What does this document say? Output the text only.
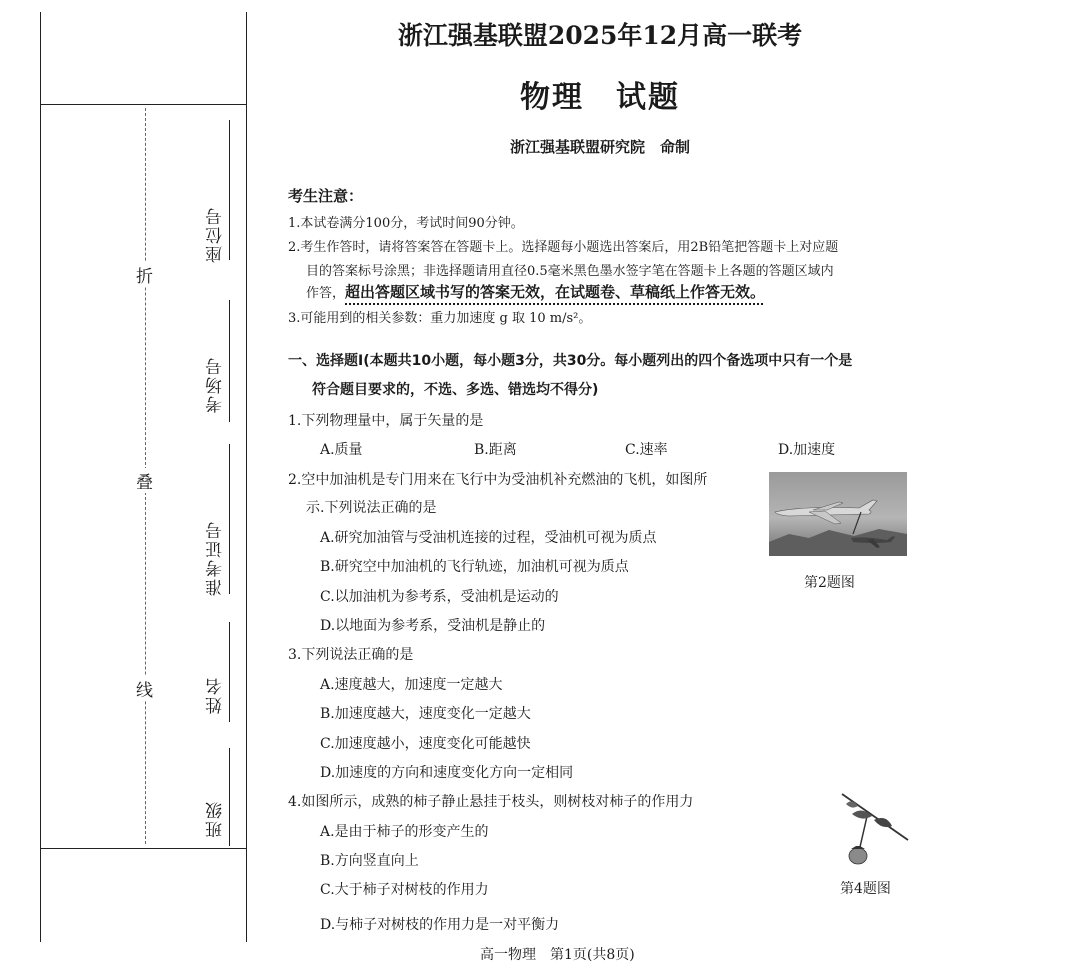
折
叠
线
座位号
考场号
准考证号
姓名
班级
浙江强基联盟2025年12月高一联考
物理　试题
浙江强基联盟研究院　命制
考生注意：
1.本试卷满分100分，考试时间90分钟。
2.考生作答时，请将答案答在答题卡上。选择题每小题选出答案后，用2B铅笔把答题卡上对应题
目的答案标号涂黑；非选择题请用直径0.5毫米黑色墨水签字笔在答题卡上各题的答题区域内
作答，超出答题区域书写的答案无效，在试题卷、草稿纸上作答无效。
3.可能用到的相关参数：重力加速度 g 取 10 m/s²。
一、选择题Ⅰ(本题共10小题，每小题3分，共30分。每小题列出的四个备选项中只有一个是
符合题目要求的，不选、多选、错选均不得分)
1.下列物理量中，属于矢量的是
A.质量	B.距离	C.速率	D.加速度
2.空中加油机是专门用来在飞行中为受油机补充燃油的飞机，如图所
示.下列说法正确的是
A.研究加油管与受油机连接的过程，受油机可视为质点
B.研究空中加油机的飞行轨迹，加油机可视为质点
C.以加油机为参考系，受油机是运动的
D.以地面为参考系，受油机是静止的
第2题图
3.下列说法正确的是
A.速度越大，加速度一定越大
B.加速度越大，速度变化一定越大
C.加速度越小，速度变化可能越快
D.加速度的方向和速度变化方向一定相同
4.如图所示，成熟的柿子静止悬挂于枝头，则树枝对柿子的作用力
A.是由于柿子的形变产生的
B.方向竖直向上
C.大于柿子对树枝的作用力
D.与柿子对树枝的作用力是一对平衡力
第4题图
高一物理　第1页(共8页)
